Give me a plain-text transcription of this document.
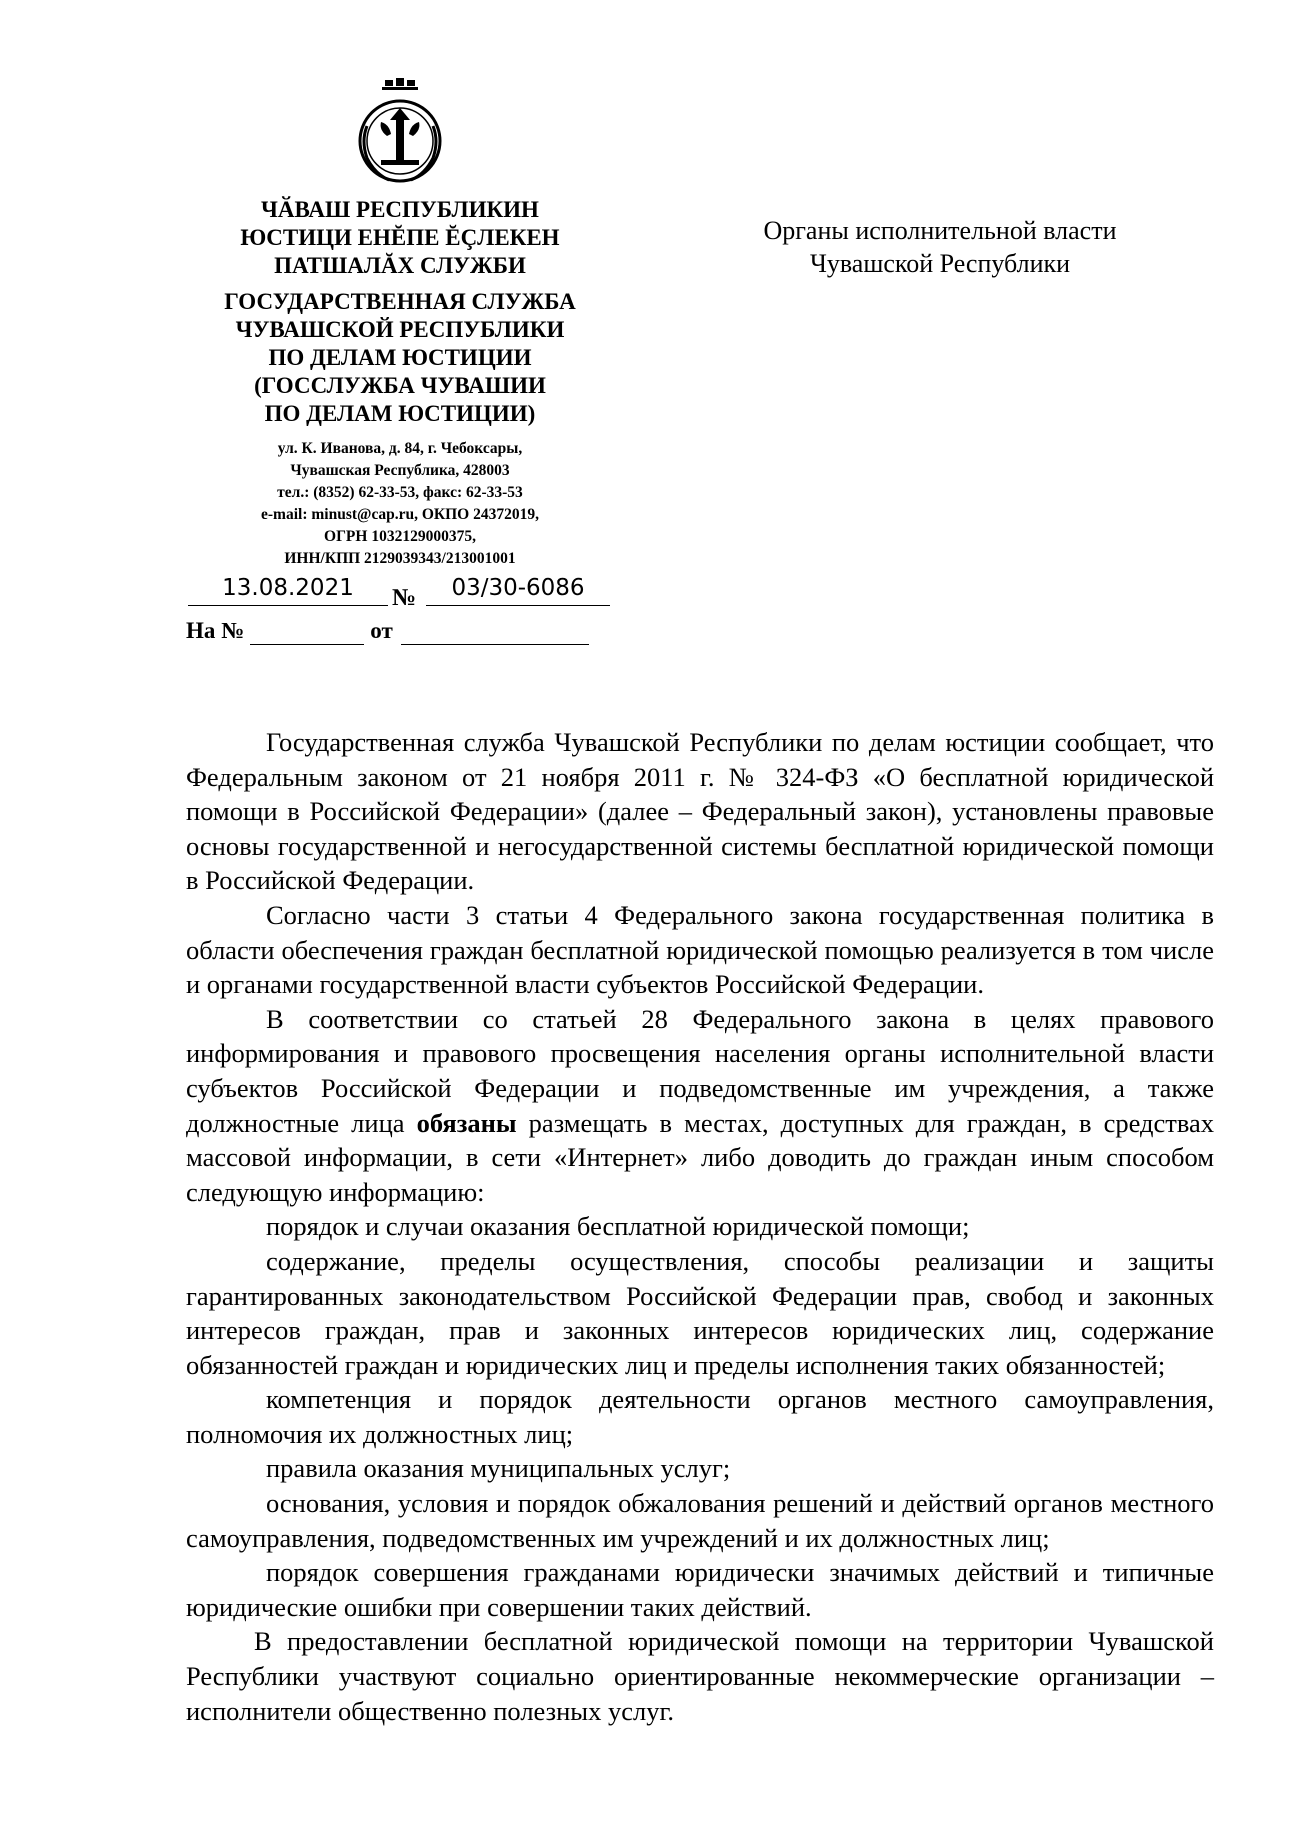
ЧӐВАШ РЕСПУБЛИКИН
ЮСТИЦИ ЕНĔПЕ ĔÇЛЕКЕН
ПАТШАЛĂХ СЛУЖБИ
ГОСУДАРСТВЕННАЯ СЛУЖБА
ЧУВАШСКОЙ РЕСПУБЛИКИ
ПО ДЕЛАМ ЮСТИЦИИ
(ГОССЛУЖБА ЧУВАШИИ
ПО ДЕЛАМ ЮСТИЦИИ)
ул. К. Иванова, д. 84, г. Чебоксары,
Чувашская Республика, 428003
тел.: (8352) 62-33-53, факс: 62-33-53
e-mail: minust@cap.ru, ОКПО 24372019,
ОГРН 1032129000375,
ИНН/КПП 2129039343/213001001
13.08.2021	№	03/30-6086
На №	от
Органы исполнительной власти
Чувашской Республики

Государственная служба Чувашской Республики по делам юстиции сообщает, что Федеральным законом от 21 ноября 2011 г. № 324-ФЗ «О бесплатной юридической помощи в Российской Федерации» (далее – Федеральный закон), установлены правовые основы государственной и негосударственной системы бесплатной юридической помощи в Российской Федерации.

Согласно части 3 статьи 4 Федерального закона государственная политика в области обеспечения граждан бесплатной юридической помощью реализуется в том числе и органами государственной власти субъектов Российской Федерации.

В соответствии со статьей 28 Федерального закона в целях правового информирования и правового просвещения населения органы исполнительной власти субъектов Российской Федерации и подведомственные им учреждения, а также должностные лица обязаны размещать в местах, доступных для граждан, в средствах массовой информации, в сети «Интернет» либо доводить до граждан иным способом следующую информацию:

порядок и случаи оказания бесплатной юридической помощи;

содержание, пределы осуществления, способы реализации и защиты гарантированных законодательством Российской Федерации прав, свобод и законных интересов граждан, прав и законных интересов юридических лиц, содержание обязанностей граждан и юридических лиц и пределы исполнения таких обязанностей;

компетенция и порядок деятельности органов местного самоуправления, полномочия их должностных лиц;

правила оказания муниципальных услуг;

основания, условия и порядок обжалования решений и действий органов местного самоуправления, подведомственных им учреждений и их должностных лиц;

порядок совершения гражданами юридически значимых действий и типичные юридические ошибки при совершении таких действий.

В предоставлении бесплатной юридической помощи на территории Чувашской Республики участвуют социально ориентированные некоммерческие организации – исполнители общественно полезных услуг.
